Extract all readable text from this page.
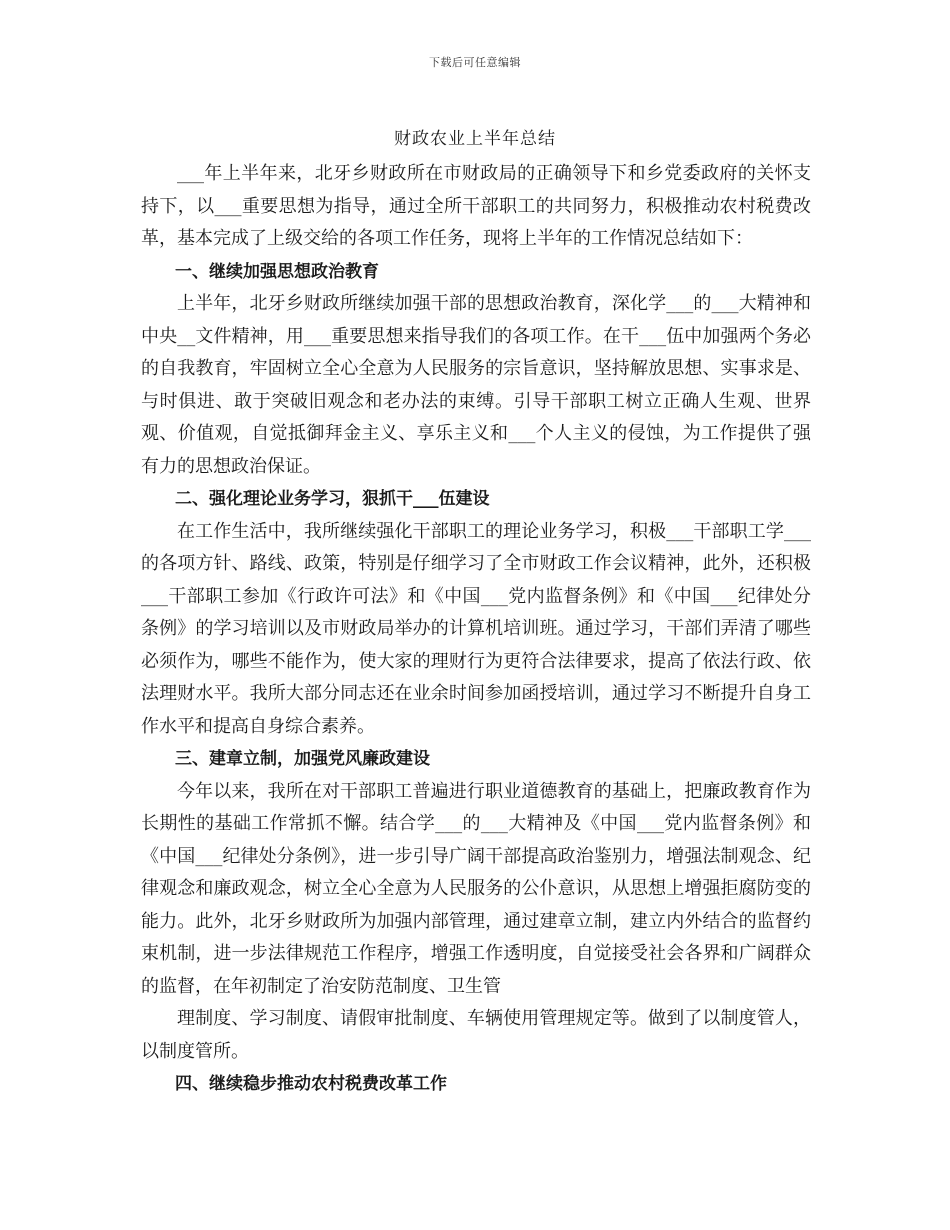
下载后可任意编辑
财政农业上半年总结

___年上半年来，北牙乡财政所在市财政局的正确领导下和乡党委政府的关怀支持下，以___重要思想为指导，通过全所干部职工的共同努力，积极推动农村税费改革，基本完成了上级交给的各项工作任务，现将上半年的工作情况总结如下：

一、继续加强思想政治教育

上半年，北牙乡财政所继续加强干部的思想政治教育，深化学___的___大精神和中央__文件精神，用___重要思想来指导我们的各项工作。在干___伍中加强两个务必的自我教育，牢固树立全心全意为人民服务的宗旨意识，坚持解放思想、实事求是、与时俱进、敢于突破旧观念和老办法的束缚。引导干部职工树立正确人生观、世界观、价值观，自觉抵御拜金主义、享乐主义和___个人主义的侵蚀，为工作提供了强有力的思想政治保证。

二、强化理论业务学习，狠抓干___伍建设

在工作生活中，我所继续强化干部职工的理论业务学习，积极___干部职工学___的各项方针、路线、政策，特别是仔细学习了全市财政工作会议精神，此外，还积极___干部职工参加《行政许可法》和《中国___党内监督条例》和《中国___纪律处分条例》的学习培训以及市财政局举办的计算机培训班。通过学习，干部们弄清了哪些必须作为，哪些不能作为，使大家的理财行为更符合法律要求，提高了依法行政、依法理财水平。我所大部分同志还在业余时间参加函授培训，通过学习不断提升自身工作水平和提高自身综合素养。

三、建章立制，加强党风廉政建设

今年以来，我所在对干部职工普遍进行职业道德教育的基础上，把廉政教育作为长期性的基础工作常抓不懈。结合学___的___大精神及《中国___党内监督条例》和《中国___纪律处分条例》，进一步引导广阔干部提高政治鉴别力，增强法制观念、纪律观念和廉政观念，树立全心全意为人民服务的公仆意识，从思想上增强拒腐防变的能力。此外，北牙乡财政所为加强内部管理，通过建章立制，建立内外结合的监督约束机制，进一步法律规范工作程序，增强工作透明度，自觉接受社会各界和广阔群众的监督，在年初制定了治安防范制度、卫生管

理制度、学习制度、请假审批制度、车辆使用管理规定等。做到了以制度管人，以制度管所。

四、继续稳步推动农村税费改革工作
